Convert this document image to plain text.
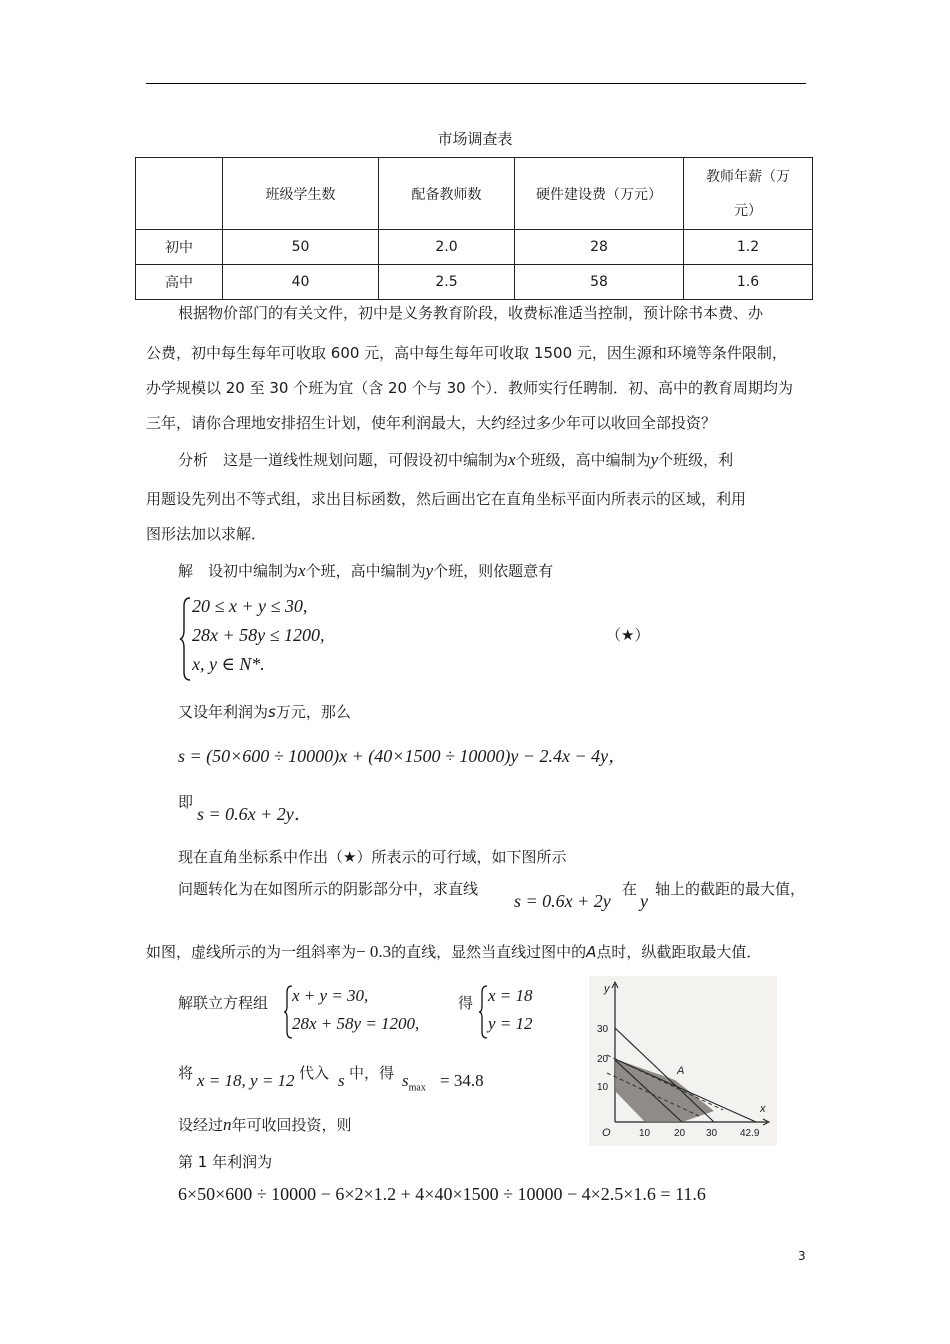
市场调查表
	班级学生数	配备教师数	硬件建设费（万元）	教师年薪（万
元）
初中	50	2.0	28	1.2
高中	40	2.5	58	1.6
根据物价部门的有关文件，初中是义务教育阶段，收费标准适当控制，预计除书本费、办
公费，初中每生每年可收取 600 元，高中每生每年可收取 1500 元，因生源和环境等条件限制，
办学规模以 20 至 30 个班为宜（含 20 个与 30 个）．教师实行任聘制．初、高中的教育周期均为
三年，请你合理地安排招生计划，使年利润最大，大约经过多少年可以收回全部投资？
分析　这是一道线性规划问题，可假设初中编制为x个班级，高中编制为y个班级，利
用题设先列出不等式组，求出目标函数，然后画出它在直角坐标平面内所表示的区域，利用
图形法加以求解．
解　设初中编制为x个班，高中编制为y个班，则依题意有
20 ≤ x + y ≤ 30,
28x + 58y ≤ 1200,
x, y ∈ N*.
（★）
又设年利润为s万元，那么
s = (50×600 ÷ 10000)x + (40×1500 ÷ 10000)y − 2.4x − 4y，
即
s = 0.6x + 2y．
现在直角坐标系中作出（★）所表示的可行域，如下图所示
问题转化为在如图所示的阴影部分中，求直线
s = 0.6x + 2y
在
y
轴上的截距的最大值，
如图，虚线所示的为一组斜率为− 0.3的直线，显然当直线过图中的A点时，纵截距取最大值．
解联立方程组 x + y = 30,
28x + 58y = 1200,
得 x = 18
y = 12
将 x = 18, y = 12 代入 s 中，得 $s_{max} = 34.8$
设经过n年可收回投资，则
第 1 年利润为
6×50×600 ÷ 10000 − 6×2×1.2 + 4×40×1500 ÷ 10000 − 4×2.5×1.6 = 11.6
y
x
O
A
30
20
10
10 20 30 42.9
3
